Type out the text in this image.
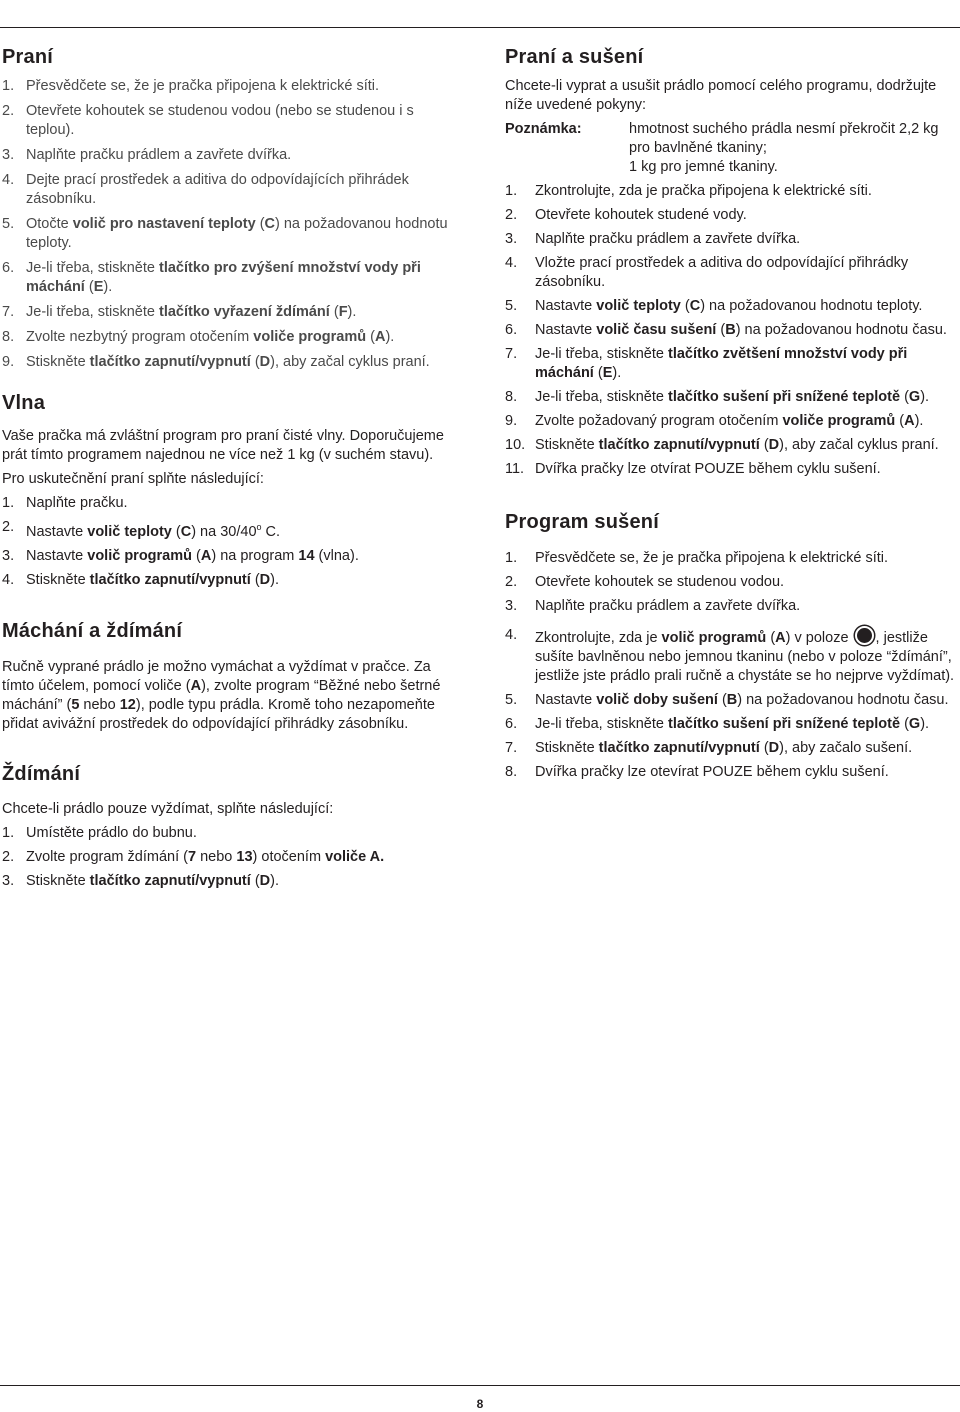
Praní
1. Přesvědčete se, že je pračka připojena k elektrické síti.
2. Otevřete kohoutek se studenou vodou (nebo se studenou i s teplou).
3. Naplňte pračku prádlem a zavřete dvířka.
4. Dejte prací prostředek a aditiva do odpovídajících přihrádek zásobníku.
5. Otočte volič pro nastavení teploty (C) na požadovanou hodnotu teploty.
6. Je-li třeba, stiskněte tlačítko pro zvýšení množství vody při máchání (E).
7. Je-li třeba, stiskněte tlačítko vyřazení ždímání (F).
8. Zvolte nezbytný program otočením voliče programů (A).
9. Stiskněte tlačítko zapnutí/vypnutí (D), aby začal cyklus praní.
Vlna

Vaše pračka má zvláštní program pro praní čisté vlny. Doporučujeme prát tímto programem najednou ne více než 1 kg (v suchém stavu).

Pro uskutečnění praní splňte následující:

1. Naplňte pračku.
2. Nastavte volič teploty (C) na 30/40$^o$ C.
3. Nastavte volič programů (A) na program 14 (vlna).
4. Stiskněte tlačítko zapnutí/vypnutí (D).
Máchání a ždímání

Ručně vyprané prádlo je možno vymáchat a vyždímat v pračce. Za tímto účelem, pomocí voliče (A), zvolte program “Běžné nebo šetrné máchání” (5 nebo 12), podle typu prádla. Kromě toho nezapomeňte přidat avivážní prostředek do odpovídající přihrádky zásobníku.

Ždímání

Chcete-li prádlo pouze vyždímat, splňte následující:

1. Umístěte prádlo do bubnu.
2. Zvolte program ždímání (7 nebo 13) otočením voliče A.
3. Stiskněte tlačítko zapnutí/vypnutí (D).
Praní a sušení

Chcete-li vyprat a usušit prádlo pomocí celého programu, dodržujte níže uvedené pokyny:

Poznámka:	hmotnost suchého prádla nesmí překročit 2,2 kg
pro bavlněné tkaniny;
1 kg pro jemné tkaniny.
1.	Zkontrolujte, zda je pračka připojena k elektrické síti.
2.	Otevřete kohoutek studené vody.
3.	Naplňte pračku prádlem a zavřete dvířka.
4.	Vložte prací prostředek a aditiva do odpovídající přihrádky zásobníku.
5.	Nastavte volič teploty (C) na požadovanou hodnotu teploty.
6.	Nastavte volič času sušení (B) na požadovanou hodnotu času.
7.	Je-li třeba, stiskněte tlačítko zvětšení množství vody při máchání (E).
8.	Je-li třeba, stiskněte tlačítko sušení při snížené teplotě (G).
9.	Zvolte požadovaný program otočením voliče programů (A).
10. Stiskněte tlačítko zapnutí/vypnutí (D), aby začal cyklus praní.
11. Dvířka pračky lze otvírat POUZE během cyklu sušení.
Program sušení
1.	Přesvědčete se, že je pračka připojena k elektrické síti.
2.	Otevřete kohoutek se studenou vodou.
3.	Naplňte pračku prádlem a zavřete dvířka.
4.	Zkontrolujte, zda je volič programů (A) v poloze , jestliže sušíte bavlněnou nebo jemnou tkaninu (nebo v poloze “ždímání”, jestliže jste prádlo prali ručně a chystáte se ho nejprve vyždímat).
5.	Nastavte volič doby sušení (B) na požadovanou hodnotu času.
6.	Je-li třeba, stiskněte tlačítko sušení při snížené teplotě (G).
7.	Stiskněte tlačítko zapnutí/vypnutí (D), aby začalo sušení.
8.	Dvířka pračky lze otevírat POUZE během cyklu sušení.
8
